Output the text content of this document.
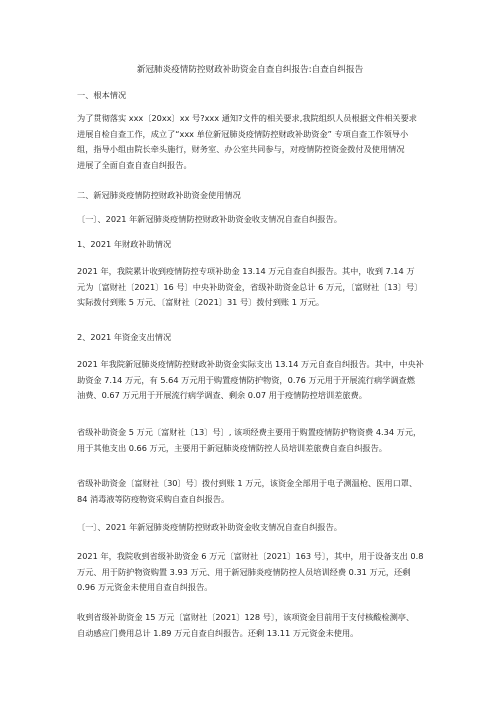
新冠肺炎疫情防控财政补助资金自查自纠报告:自查自纠报告

一、根本情况

为了贯彻落实 xxx〔20xx〕xx 号?xxx 通知?文件的相关要求,我院组织人员根据文件相关要求
进展自检自查工作，成立了“xxx 单位新冠肺炎疫情防控财政补助资金” 专项自查工作领导小
组，指导小组由院长牵头施行，财务室、办公室共同参与，对疫情防控资金拨付及使用情况
进展了全面自查自查自纠报告。

二、新冠肺炎疫情防控财政补助资金使用情况

〔一〕、2021 年新冠肺炎疫情防控财政补助资金收支情况自查自纠报告。

1、2021 年财政补助情况

2021 年，我院累计收到疫情防控专项补助金 13.14 万元自查自纠报告。其中，收到 7.14 万
元为〔富财社〔2021〕16 号〕中央补助资金，省级补助资金总计 6 万元，〔富财社〔13〕号〕
实际拨付到账 5 万元、〔富财社〔2021〕31 号〕拨付到账 1 万元。

2、2021 年资金支出情况

2021 年我院新冠肺炎疫情防控财政补助资金实际支出 13.14 万元自查自纠报告。其中，中央补
助资金 7.14 万元，有 5.64 万元用于购置疫情防护物资，0.76 万元用于开展流行病学调查燃
油费、0.67 万元用于开展流行病学调查、剩余 0.07 用于疫情防控培训差旅费。

省级补助资金 5 万元〔富财社〔13〕号〕, 该项经费主要用于购置疫情防护物资费 4.34 万元，
用于其他支出 0.66 万元，主要用于新冠肺炎疫情防控人员培训差旅费自查自纠报告。

省级补助资金〔富财社〔30〕号〕拨付到账 1 万元，该资金全部用于电子测温枪、医用口罩、
84 消毒液等防疫物资采购自查自纠报告。

〔一〕、2021 年新冠肺炎疫情防控财政补助资金收支情况自查自纠报告。

2021 年，我院收到省级补助资金 6 万元〔富财社〔2021〕163 号〕，其中，用于设备支出 0.8
万元、用于防护物资购置 3.93 万元、用于新冠肺炎疫情防控人员培训经费 0.31 万元，还剩
0.96 万元资金未使用自查自纠报告。

收到省级补助资金 15 万元〔富财社〔2021〕128 号〕，该项资金目前用于支付核酸检测亭、
自动感应门费用总计 1.89 万元自查自纠报告。还剩 13.11 万元资金未使用。
